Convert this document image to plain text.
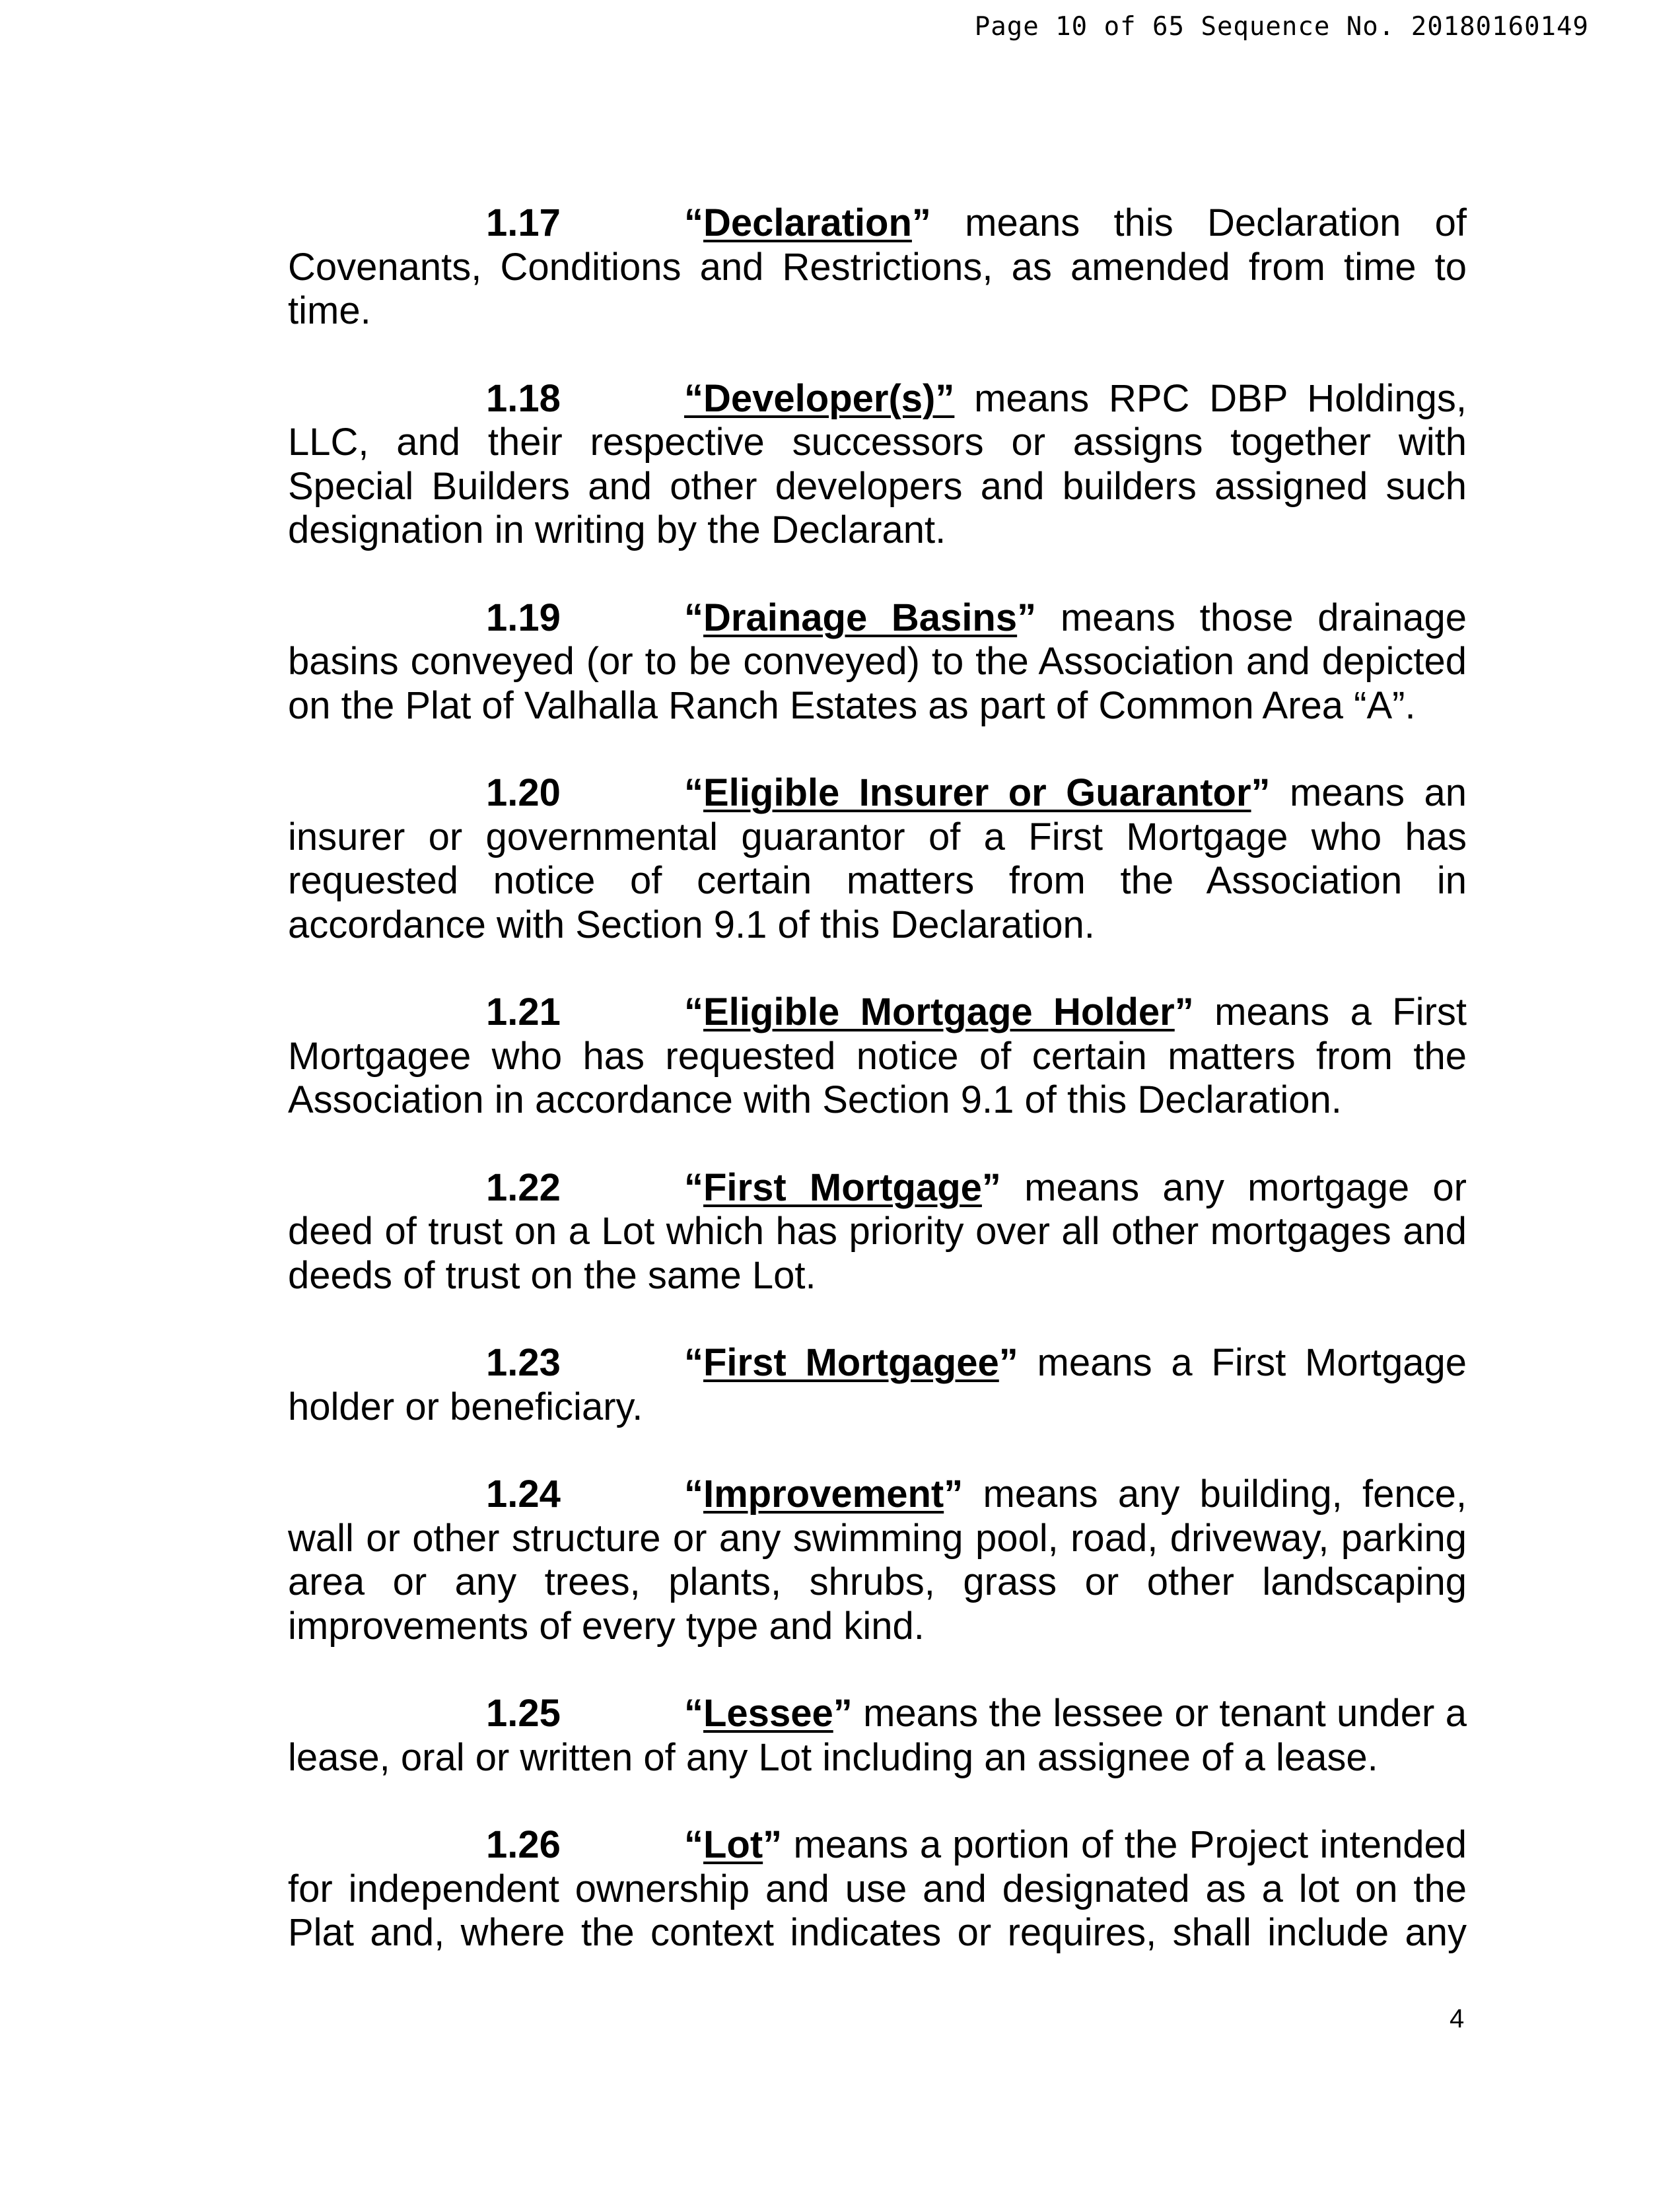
Page 10 of 65 Sequence No. 20180160149

1.17	“Declaration” means this Declaration of Covenants, Conditions and Restrictions, as amended from time to time.

1.18	“Developer(s)” means RPC DBP Holdings, LLC, and their respective successors or assigns together with Special Builders and other developers and builders assigned such designation in writing by the Declarant.

1.19	“Drainage Basins” means those drainage basins conveyed (or to be conveyed) to the Association and depicted on the Plat of Valhalla Ranch Estates as part of Common Area “A”.

1.20	“Eligible Insurer or Guarantor” means an insurer or governmental guarantor of a First Mortgage who has requested notice of certain matters from the Association in accordance with Section 9.1 of this Declaration.

1.21	“Eligible Mortgage Holder” means a First Mortgagee who has requested notice of certain matters from the Association in accordance with Section 9.1 of this Declaration.

1.22	“First Mortgage” means any mortgage or deed of trust on a Lot which has priority over all other mortgages and deeds of trust on the same Lot.

1.23	“First Mortgagee” means a First Mortgage holder or beneficiary.

1.24	“Improvement” means any building, fence, wall or other structure or any swimming pool, road, driveway, parking area or any trees, plants, shrubs, grass or other landscaping improvements of every type and kind.

1.25	“Lessee” means the lessee or tenant under a lease, oral or written of any Lot including an assignee of a lease.

1.26	“Lot” means a portion of the Project intended for independent ownership and use and designated as a lot on the Plat and, where the context indicates or requires, shall include any

4
